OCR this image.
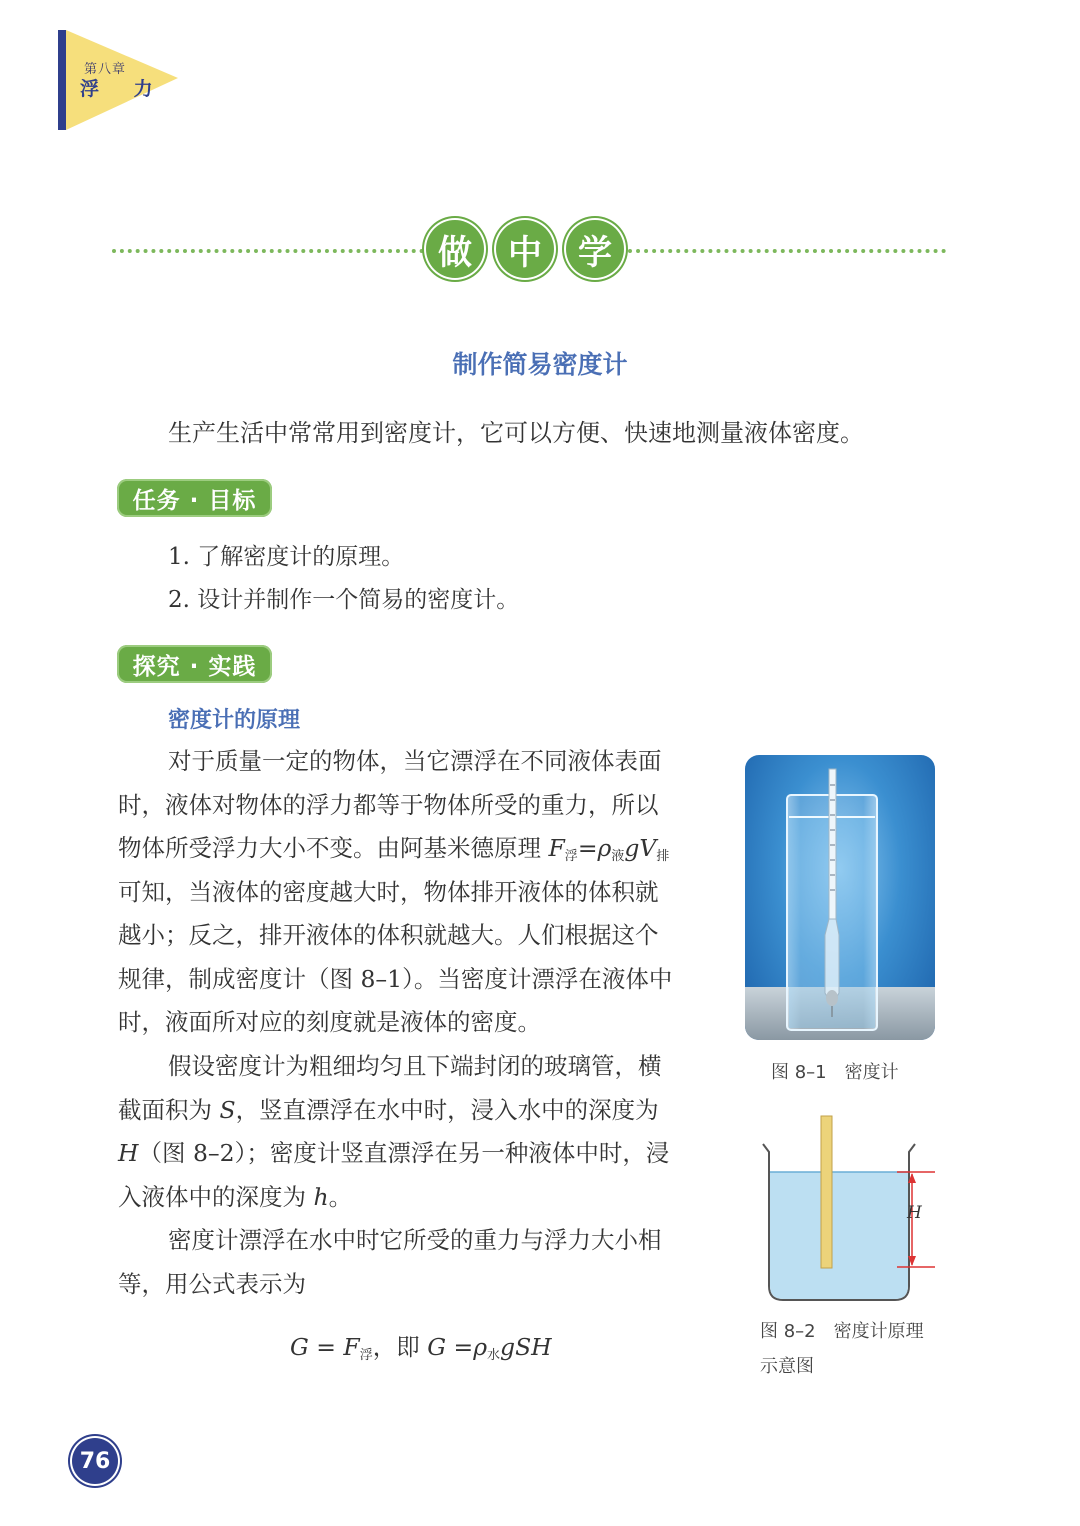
第八章
浮 力
做	中	学
制作简易密度计
生产生活中常常用到密度计，它可以方便、快速地测量液体密度。
任务 · 目标
1. 了解密度计的原理。
2. 设计并制作一个简易的密度计。
探究 · 实践
密度计的原理
对于质量一定的物体，当它漂浮在不同液体表面
时，液体对物体的浮力都等于物体所受的重力，所以
物体所受浮力大小不变。由阿基米德原理 $F_浮=\rho_液gV_排$
可知，当液体的密度越大时，物体排开液体的体积就
越小；反之，排开液体的体积就越大。人们根据这个
规律，制成密度计（图 8–1）。当密度计漂浮在液体中
时，液面所对应的刻度就是液体的密度。
假设密度计为粗细均匀且下端封闭的玻璃管，横
截面积为 S，竖直漂浮在水中时，浸入水中的深度为
H（图 8–2）；密度计竖直漂浮在另一种液体中时，浸
入液体中的深度为 h。
密度计漂浮在水中时它所受的重力与浮力大小相
等，用公式表示为
$G = F_浮$，即 $G =\rho_水gSH$
图 8–1　密度计
H
图 8–2　密度计原理
示意图
76
